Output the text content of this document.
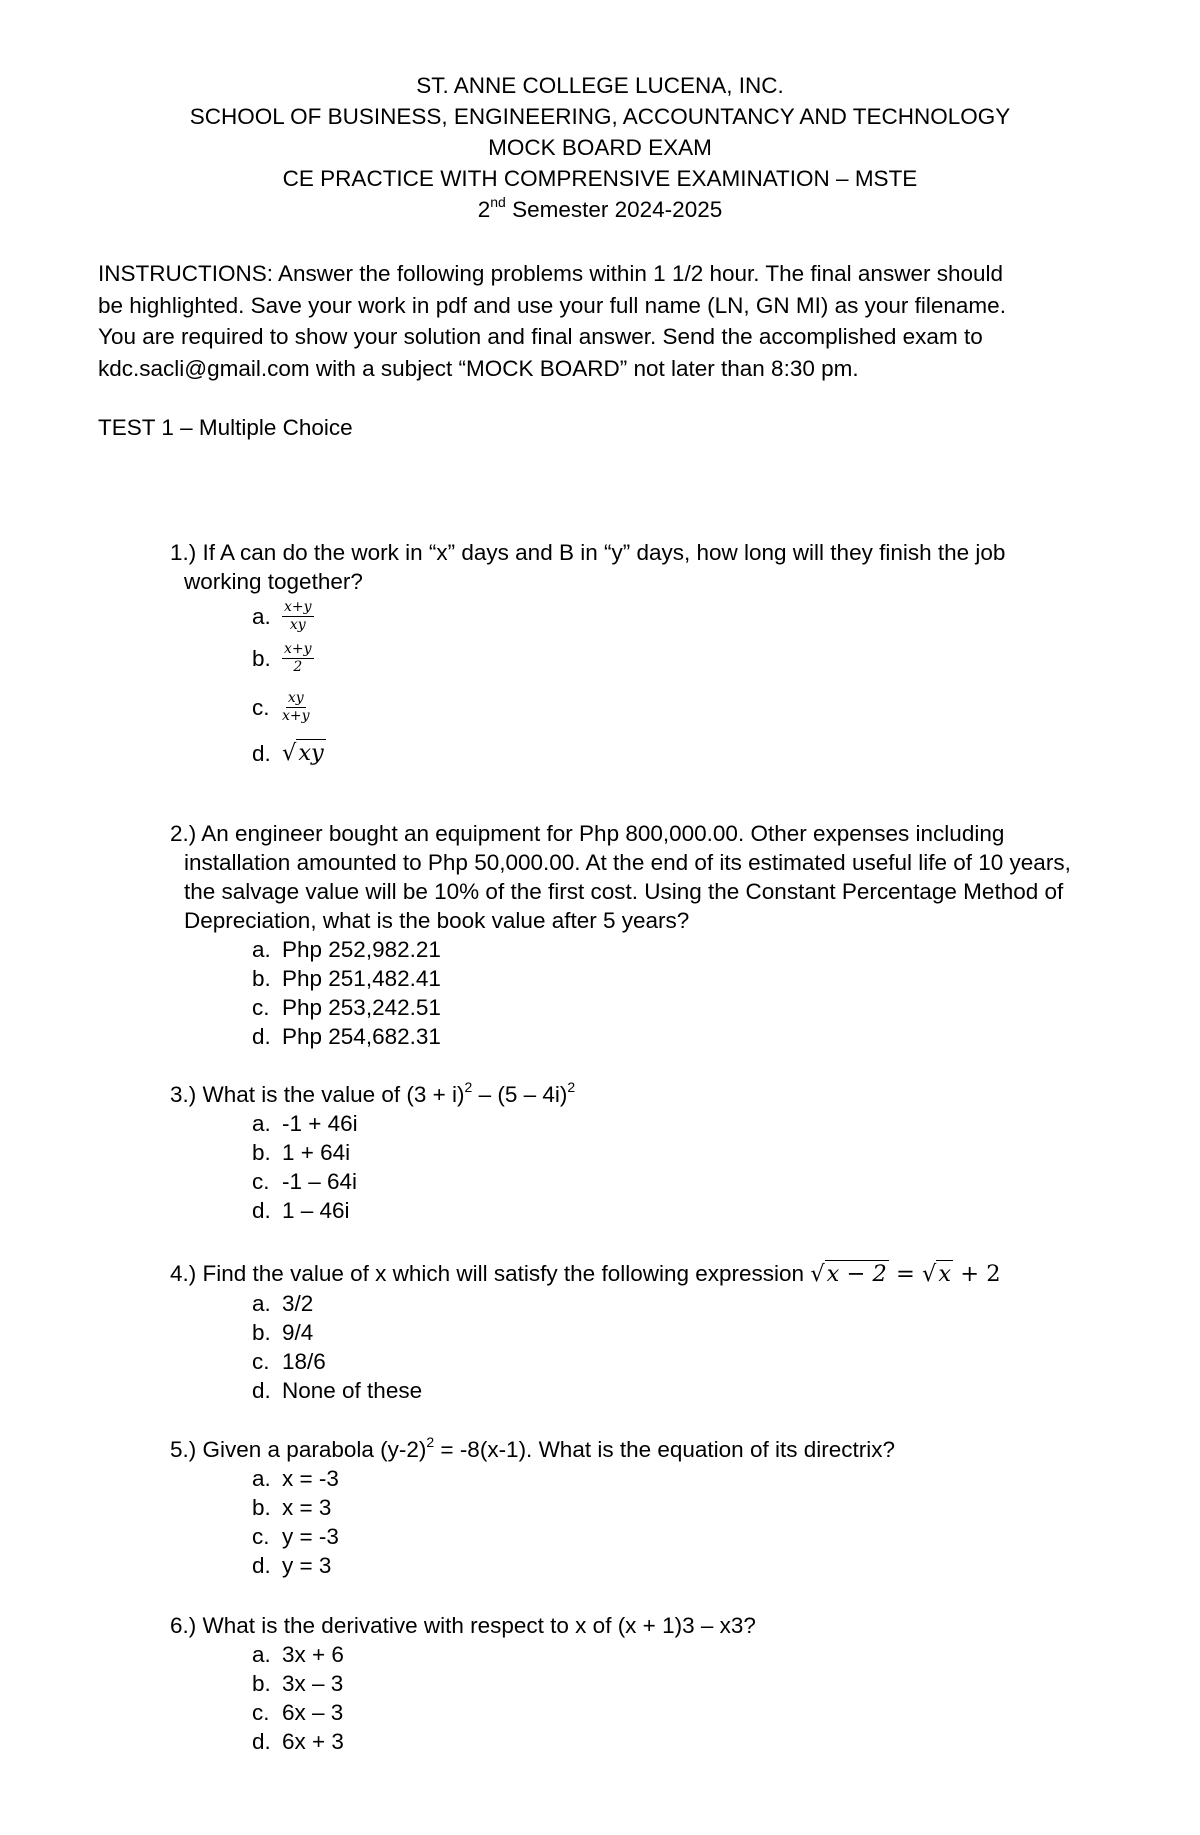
ST. ANNE COLLEGE LUCENA, INC.
SCHOOL OF BUSINESS, ENGINEERING, ACCOUNTANCY AND TECHNOLOGY
MOCK BOARD EXAM
CE PRACTICE WITH COMPRENSIVE EXAMINATION – MSTE
2nd Semester 2024-2025
INSTRUCTIONS: Answer the following problems within 1 1/2 hour. The final answer should
be highlighted. Save your work in pdf and use your full name (LN, GN MI) as your filename.
You are required to show your solution and final answer. Send the accomplished exam to
kdc.sacli@gmail.com with a subject “MOCK BOARD” not later than 8:30 pm.
TEST 1 – Multiple Choice
1.) If A can do the work in “x” days and B in “y” days, how long will they finish the job working together?
a. $\frac{x+y}{xy}$
b. $\frac{x+y}{2}$
c. $\frac{xy}{x+y}$
d. √xy
2.) An engineer bought an equipment for Php 800,000.00. Other expenses including installation amounted to Php 50,000.00. At the end of its estimated useful life of 10 years, the salvage value will be 10% of the first cost. Using the Constant Percentage Method of Depreciation, what is the book value after 5 years?
a. Php 252,982.21
b. Php 251,482.41
c. Php 253,242.51
d. Php 254,682.31
3.) What is the value of $(3 + i)^2 - (5 - 4i)^2$
a. -1 + 46i
b. 1 + 64i
c. -1 – 64i
d. 1 – 46i
4.) Find the value of x which will satisfy the following expression √x − 2 = √x + 2
a. 3/2
b. 9/4
c. 18/6
d. None of these
5.) Given a parabola $(y-2)^2 = -8(x-1)$. What is the equation of its directrix?
a. x = -3
b. x = 3
c. y = -3
d. y = 3
6.) What is the derivative with respect to x of (x + 1)3 – x3?
a. 3x + 6
b. 3x – 3
c. 6x – 3
d. 6x + 3
